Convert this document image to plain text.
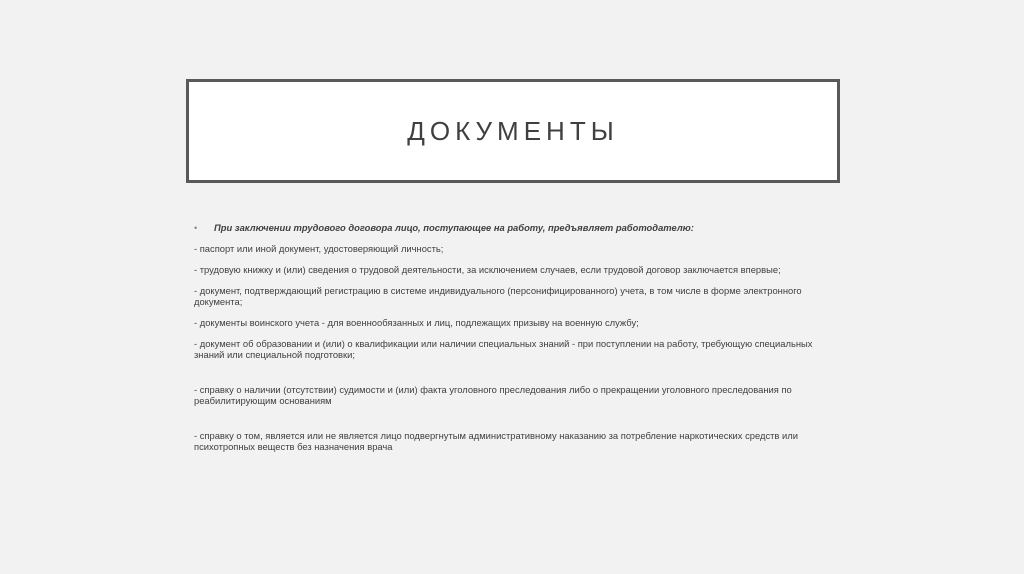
ДОКУМЕНТЫ

• При заключении трудового договора лицо, поступающее на работу, предъявляет работодателю:

- паспорт или иной документ, удостоверяющий личность;

- трудовую книжку и (или) сведения о трудовой деятельности, за исключением случаев, если трудовой договор заключается впервые;

- документ, подтверждающий регистрацию в системе индивидуального (персонифицированного) учета, в том числе в форме электронного документа;

- документы воинского учета - для военнообязанных и лиц, подлежащих призыву на военную службу;

- документ об образовании и (или) о квалификации или наличии специальных знаний - при поступлении на работу, требующую специальных знаний или специальной подготовки;

- справку о наличии (отсутствии) судимости и (или) факта уголовного преследования либо о прекращении уголовного преследования по реабилитирующим основаниям

- справку о том, является или не является лицо подвергнутым административному наказанию за потребление наркотических средств или психотропных веществ без назначения врача
